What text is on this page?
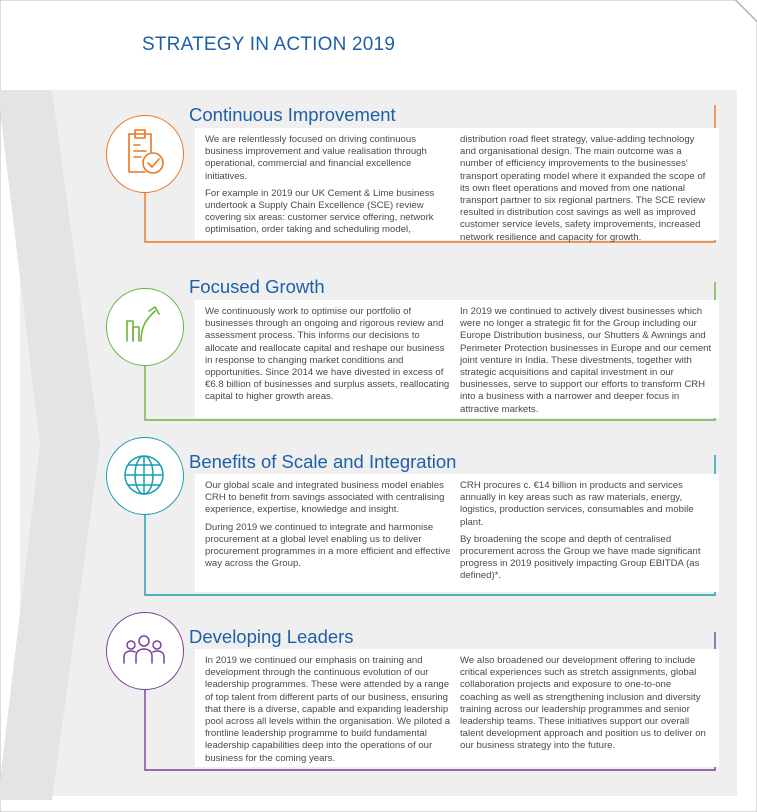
STRATEGY IN ACTION 2019
Continuous Improvement

We are relentlessly focused on driving continuous business improvement and value realisation through operational, commercial and financial excellence initiatives.

For example in 2019 our UK Cement & Lime business undertook a Supply Chain Excellence (SCE) review covering six areas: customer service offering, network optimisation, order taking and scheduling model,

distribution road fleet strategy, value-adding technology and organisational design. The main outcome was a number of efficiency improvements to the businesses' transport operating model where it expanded the scope of its own fleet operations and moved from one national transport partner to six regional partners. The SCE review resulted in distribution cost savings as well as improved customer service levels, safety improvements, increased network resilience and capacity for growth.

Focused Growth

We continuously work to optimise our portfolio of businesses through an ongoing and rigorous review and assessment process. This informs our decisions to allocate and reallocate capital and reshape our business in response to changing market conditions and opportunities. Since 2014 we have divested in excess of €6.8 billion of businesses and surplus assets, reallocating capital to higher growth areas.

In 2019 we continued to actively divest businesses which were no longer a strategic fit for the Group including our Europe Distribution business, our Shutters & Awnings and Perimeter Protection businesses in Europe and our cement joint venture in India. These divestments, together with strategic acquisitions and capital investment in our businesses, serve to support our efforts to transform CRH into a business with a narrower and deeper focus in attractive markets.

Benefits of Scale and Integration

Our global scale and integrated business model enables CRH to benefit from savings associated with centralising experience, expertise, knowledge and insight.

During 2019 we continued to integrate and harmonise procurement at a global level enabling us to deliver procurement programmes in a more efficient and effective way across the Group.

CRH procures c. €14 billion in products and services annually in key areas such as raw materials, energy, logistics, production services, consumables and mobile plant.

By broadening the scope and depth of centralised procurement across the Group we have made significant progress in 2019 positively impacting Group EBITDA (as defined)*.

Developing Leaders

In 2019 we continued our emphasis on training and development through the continuous evolution of our leadership programmes. These were attended by a range of top talent from different parts of our business, ensuring that there is a diverse, capable and expanding leadership pool across all levels within the organisation. We piloted a frontline leadership programme to build fundamental leadership capabilities deep into the operations of our business for the coming years.

We also broadened our development offering to include critical experiences such as stretch assignments, global collaboration projects and exposure to one-to-one coaching as well as strengthening inclusion and diversity training across our leadership programmes and senior leadership teams. These initiatives support our overall talent development approach and position us to deliver on our business strategy into the future.
